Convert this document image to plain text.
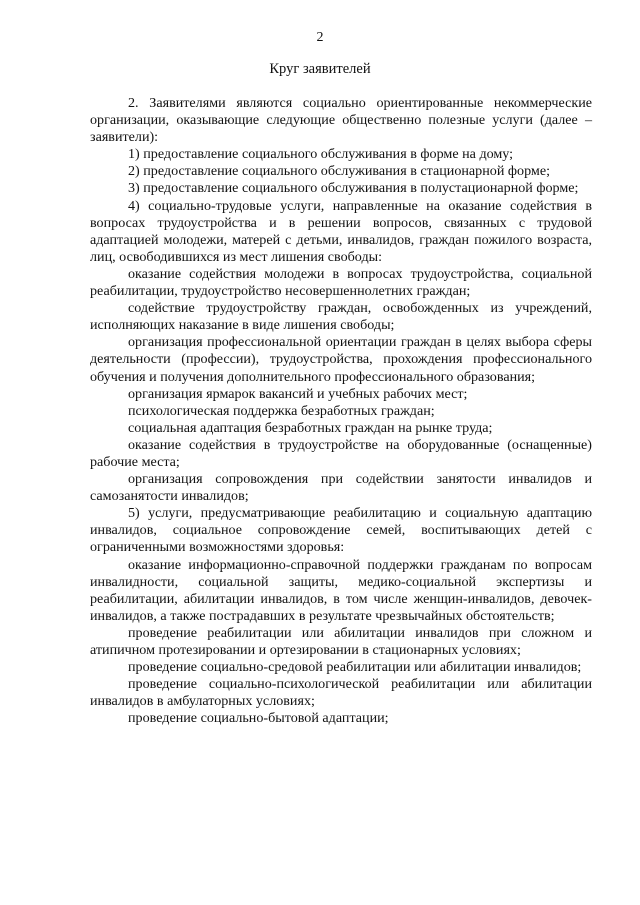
2
Круг заявителей

2. Заявителями являются социально ориентированные некоммерческие организации, оказывающие следующие общественно полезные услуги (далее – заявители):

1) предоставление социального обслуживания в форме на дому;

2) предоставление социального обслуживания в стационарной форме;

3) предоставление социального обслуживания в полустационарной форме;

4) социально-трудовые услуги, направленные на оказание содействия в вопросах трудоустройства и в решении вопросов, связанных с трудовой адаптацией молодежи, матерей с детьми, инвалидов, граждан пожилого возраста, лиц, освободившихся из мест лишения свободы:

оказание содействия молодежи в вопросах трудоустройства, социальной реабилитации, трудоустройство несовершеннолетних граждан;

содействие трудоустройству граждан, освобожденных из учреждений, исполняющих наказание в виде лишения свободы;

организация профессиональной ориентации граждан в целях выбора сферы деятельности (профессии), трудоустройства, прохождения профессионального обучения и получения дополнительного профессионального образования;

организация ярмарок вакансий и учебных рабочих мест;

психологическая поддержка безработных граждан;

социальная адаптация безработных граждан на рынке труда;

оказание содействия в трудоустройстве на оборудованные (оснащенные) рабочие места;

организация сопровождения при содействии занятости инвалидов и самозанятости инвалидов;

5) услуги, предусматривающие реабилитацию и социальную адаптацию инвалидов, социальное сопровождение семей, воспитывающих детей с ограниченными возможностями здоровья:

оказание информационно-справочной поддержки гражданам по вопросам инвалидности, социальной защиты, медико-социальной экспертизы и реабилитации, абилитации инвалидов, в том числе женщин-инвалидов, девочек-инвалидов, а также пострадавших в результате чрезвычайных обстоятельств;

проведение реабилитации или абилитации инвалидов при сложном и атипичном протезировании и ортезировании в стационарных условиях;

проведение социально-средовой реабилитации или абилитации инвалидов;

проведение социально-психологической реабилитации или абилитации инвалидов в амбулаторных условиях;

проведение социально-бытовой адаптации;
